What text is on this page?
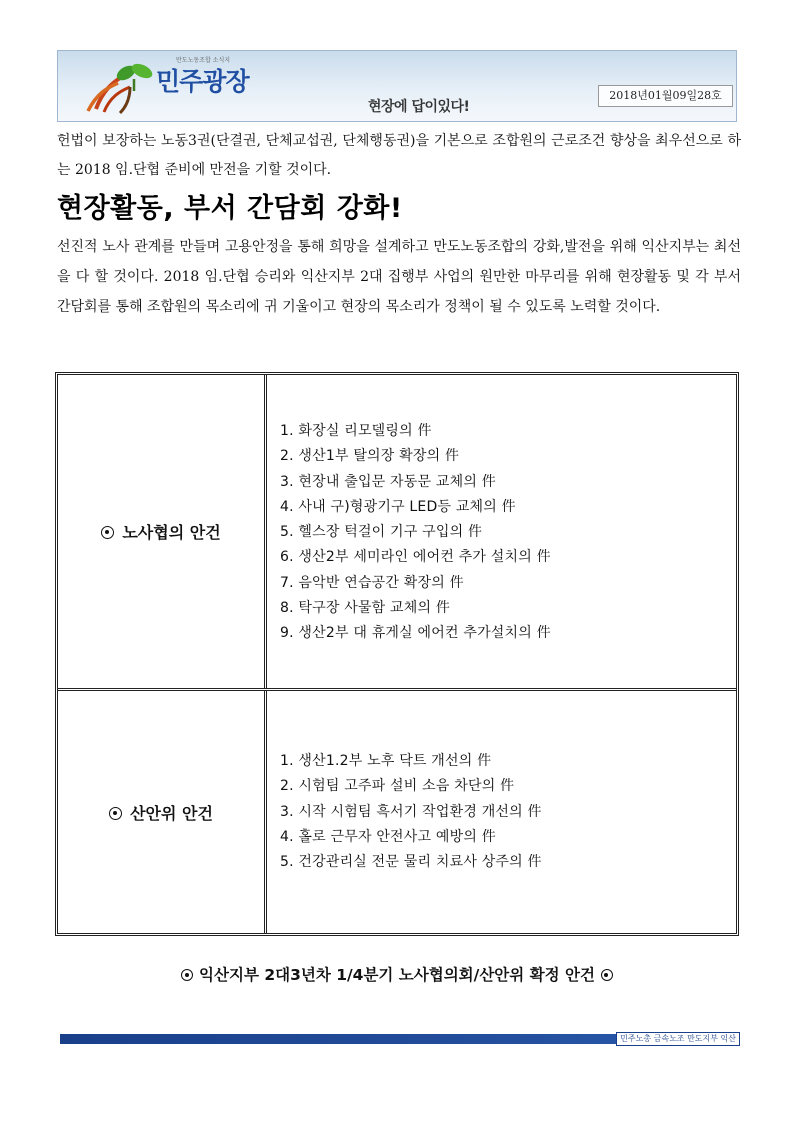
만도노동조합 소식지
민주광장
현장에 답이있다!
2018년01월09일28호
헌법이 보장하는 노동3권(단결권, 단체교섭권, 단체행동권)을 기본으로 조합원의 근로조건 향상을 최우선으로 하는 2018 임.단협 준비에 만전을 기할 것이다.
현장활동, 부서 간담회 강화!
선진적 노사 관계를 만들며 고용안정을 통해 희망을 설계하고 만도노동조합의 강화,발전을 위해 익산지부는 최선을 다 할 것이다. 2018 임.단협 승리와 익산지부 2대 집행부 사업의 원만한 마무리를 위해 현장활동 및 각 부서 간담회를 통해 조합원의 목소리에 귀 기울이고 현장의 목소리가 정책이 될 수 있도록 노력할 것이다.
노사협의 안건
1. 화장실 리모델링의 件
2. 생산1부 탈의장 확장의 件
3. 현장내 출입문 자동문 교체의 件
4. 사내 구)형광기구 LED등 교체의 件
5. 헬스장 턱걸이 기구 구입의 件
6. 생산2부 세미라인 에어컨 추가 설치의 件
7. 음악반 연습공간 확장의 件
8. 탁구장 사물함 교체의 件
9. 생산2부 대 휴게실 에어컨 추가설치의 件
산안위 안건
1. 생산1.2부 노후 닥트 개선의 件
2. 시험팀 고주파 설비 소음 차단의 件
3. 시작 시험팀 흑서기 작업환경 개선의 件
4. 홀로 근무자 안전사고 예방의 件
5. 건강관리실 전문 물리 치료사 상주의 件
익산지부 2대3년차 1/4분기 노사협의회/산안위 확정 안건
민주노총 금속노조 만도지부 익산
